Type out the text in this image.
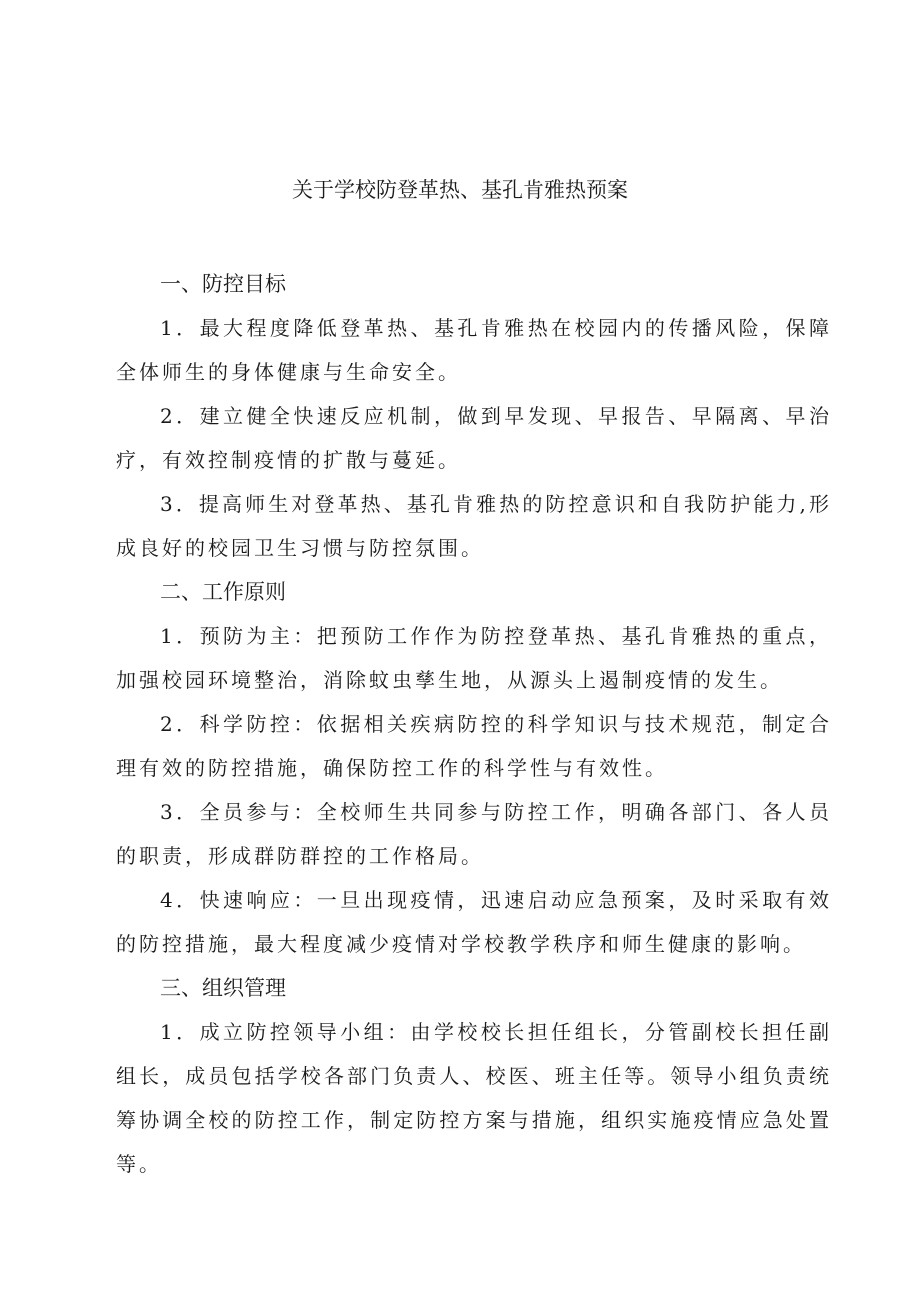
关于学校防登革热、基孔肯雅热预案
一、防控目标

1．最大程度降低登革热、基孔肯雅热在校园内的传播风险，保障全体师生的身体健康与生命安全。

2．建立健全快速反应机制，做到早发现、早报告、早隔离、早治疗，有效控制疫情的扩散与蔓延。

3．提高师生对登革热、基孔肯雅热的防控意识和自我防护能力,形成良好的校园卫生习惯与防控氛围。

二、工作原则

1．预防为主：把预防工作作为防控登革热、基孔肯雅热的重点，加强校园环境整治，消除蚊虫孳生地，从源头上遏制疫情的发生。

2．科学防控：依据相关疾病防控的科学知识与技术规范，制定合理有效的防控措施，确保防控工作的科学性与有效性。

3．全员参与：全校师生共同参与防控工作，明确各部门、各人员的职责，形成群防群控的工作格局。

4．快速响应：一旦出现疫情，迅速启动应急预案，及时采取有效的防控措施，最大程度减少疫情对学校教学秩序和师生健康的影响。

三、组织管理

1．成立防控领导小组：由学校校长担任组长，分管副校长担任副组长，成员包括学校各部门负责人、校医、班主任等。领导小组负责统筹协调全校的防控工作，制定防控方案与措施，组织实施疫情应急处置等。
